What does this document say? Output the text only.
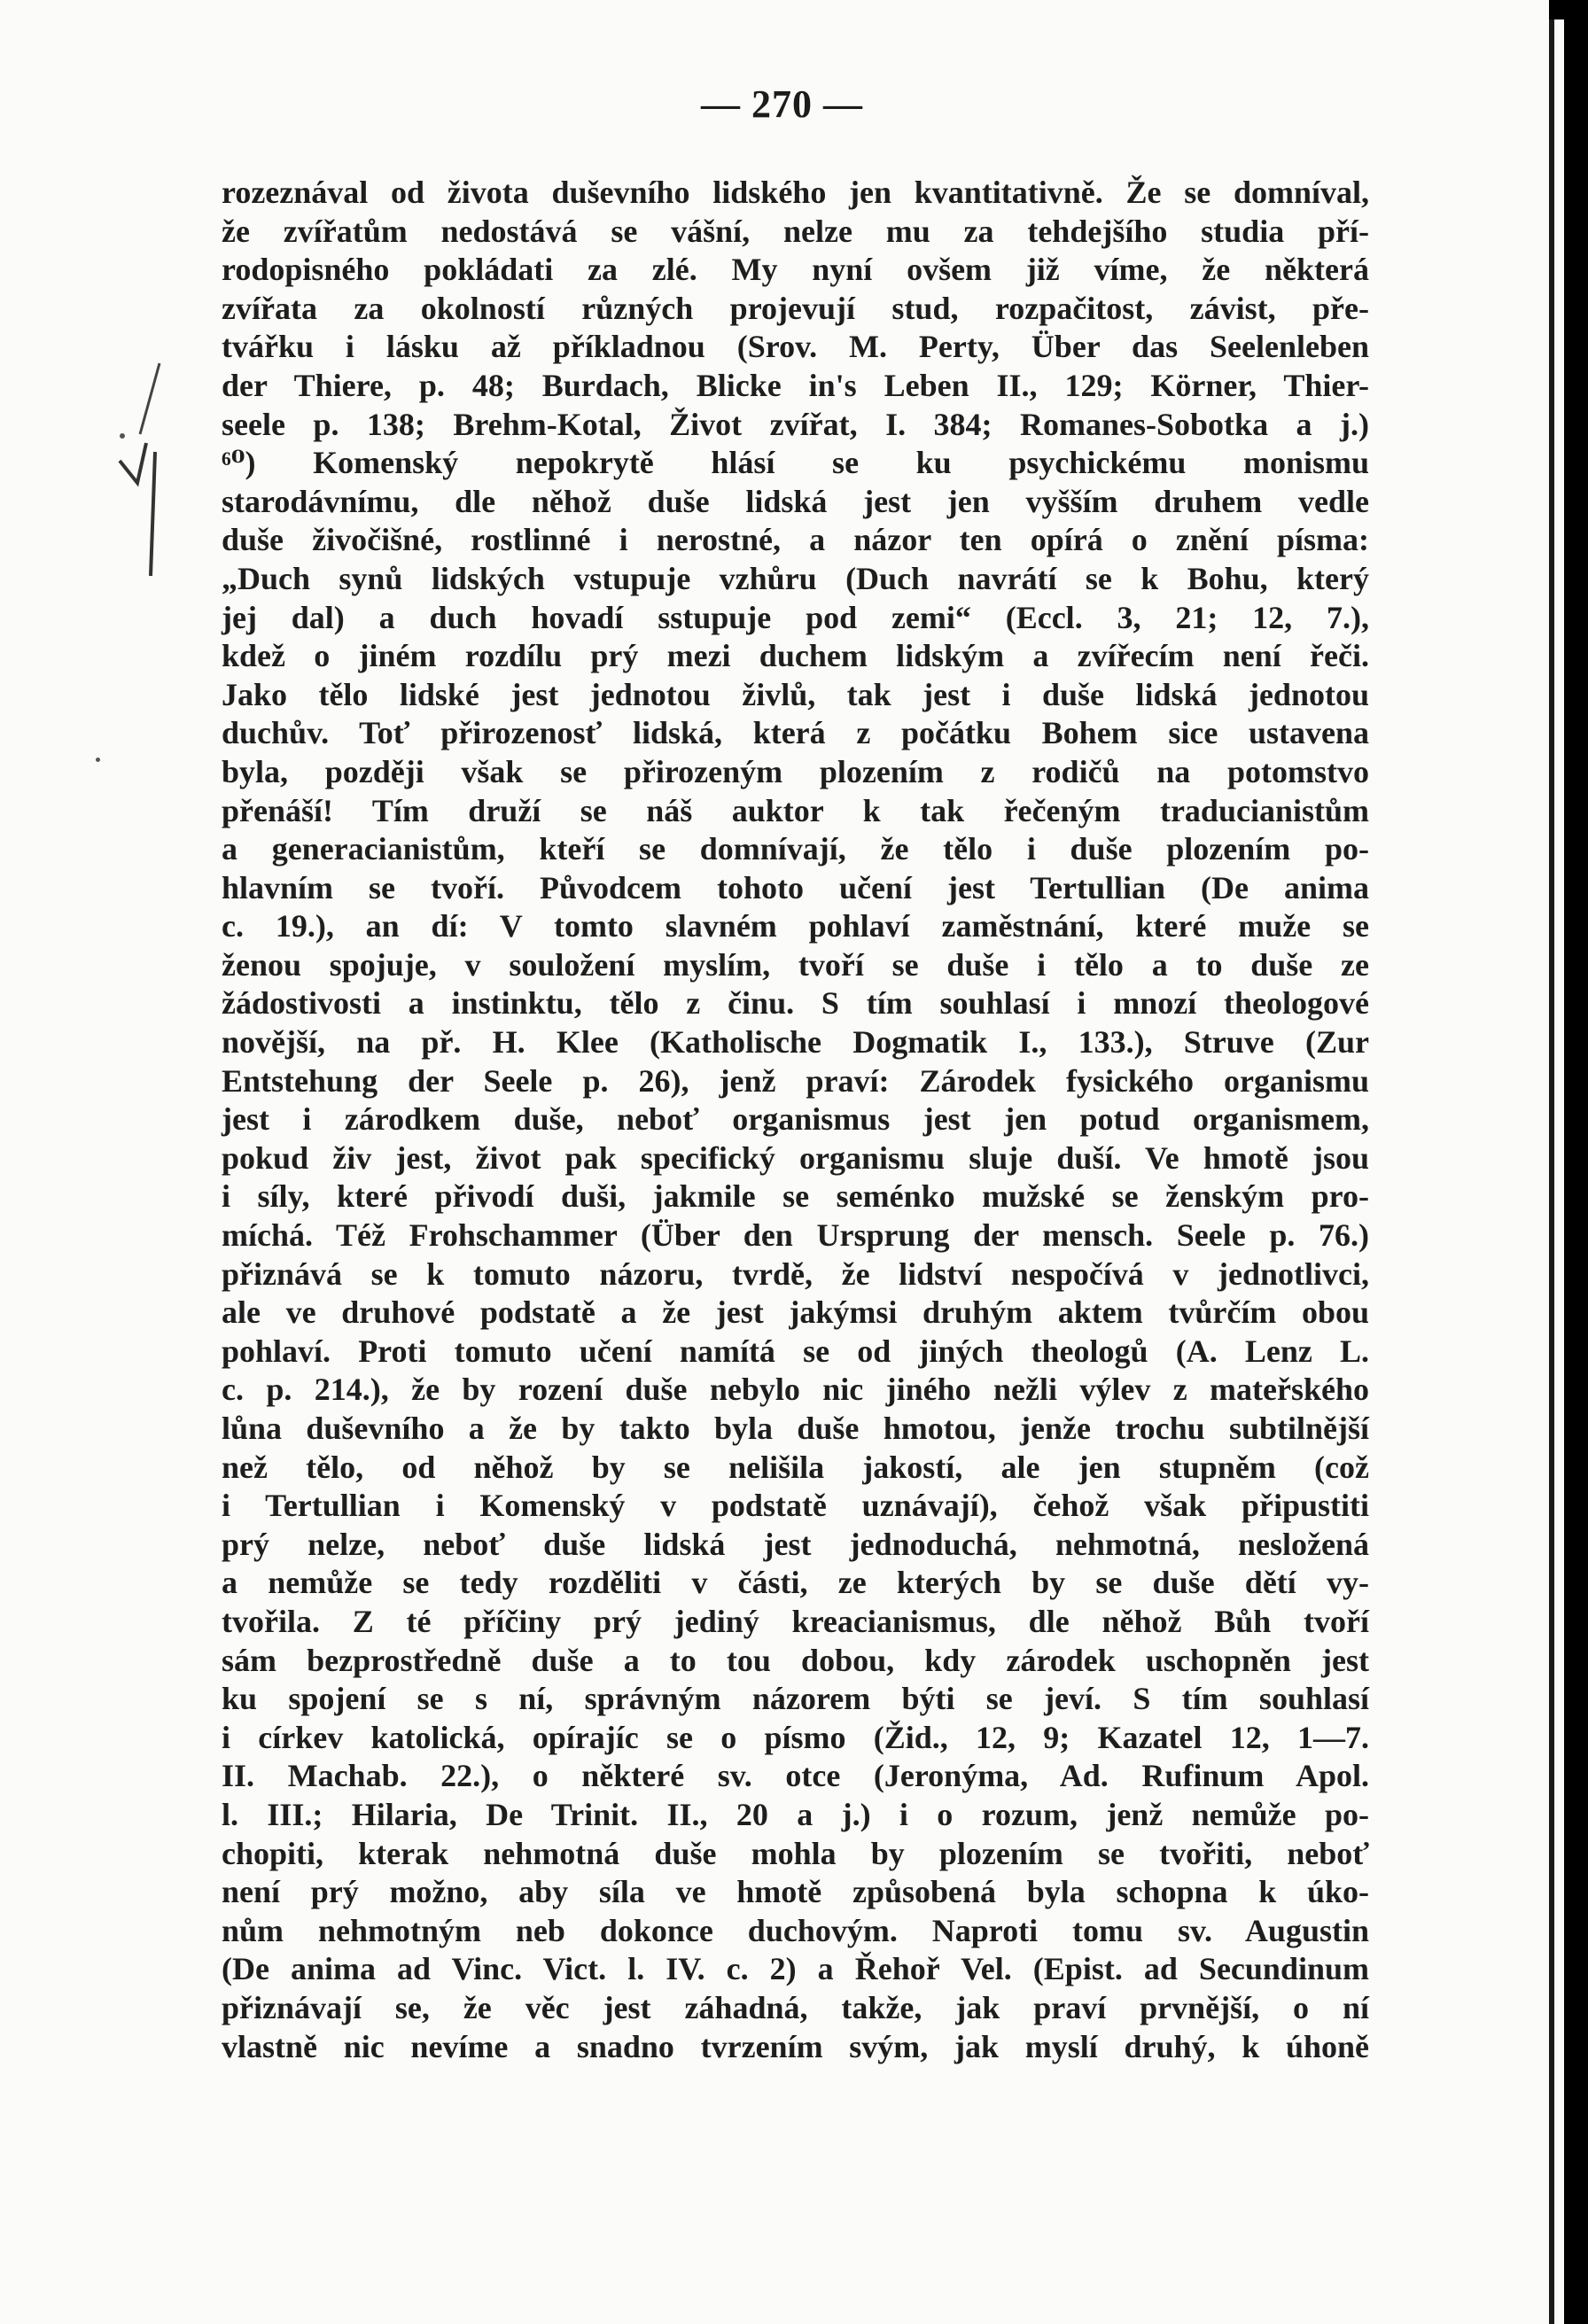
— 270 —
rozeznával od života duševního lidského jen kvantitativně. Že se domníval,
že zvířatům nedostává se vášní, nelze mu za tehdejšího studia pří-
rodopisného pokládati za zlé. My nyní ovšem již víme, že některá
zvířata za okolností různých projevují stud, rozpačitost, závist, pře-
tvářku i lásku až příkladnou (Srov. M. Perty, Über das Seelenleben
der Thiere, p. 48; Burdach, Blicke in's Leben II., 129; Körner, Thier-
seele p. 138; Brehm-Kotal, Život zvířat, I. 384; Romanes-Sobotka a j.)
⁶⁰) Komenský nepokrytě hlásí se ku psychickému monismu
starodávnímu, dle něhož duše lidská jest jen vyšším druhem vedle
duše živočišné, rostlinné i nerostné, a názor ten opírá o znění písma:
„Duch synů lidských vstupuje vzhůru (Duch navrátí se k Bohu, který
jej dal) a duch hovadí sstupuje pod zemi“ (Eccl. 3, 21; 12, 7.),
kdež o jiném rozdílu prý mezi duchem lidským a zvířecím není řeči.
Jako tělo lidské jest jednotou živlů, tak jest i duše lidská jednotou
duchův. Toť přirozenosť lidská, která z počátku Bohem sice ustavena
byla, později však se přirozeným plozením z rodičů na potomstvo
přenáší! Tím druží se náš auktor k tak řečeným traducianistům
a generacianistům, kteří se domnívají, že tělo i duše plozením po-
hlavním se tvoří. Původcem tohoto učení jest Tertullian (De anima
c. 19.), an dí: V tomto slavném pohlaví zaměstnání, které muže se
ženou spojuje, v souložení myslím, tvoří se duše i tělo a to duše ze
žádostivosti a instinktu, tělo z činu. S tím souhlasí i mnozí theologové
novější, na př. H. Klee (Katholische Dogmatik I., 133.), Struve (Zur
Entstehung der Seele p. 26), jenž praví: Zárodek fysického organismu
jest i zárodkem duše, neboť organismus jest jen potud organismem,
pokud živ jest, život pak specifický organismu sluje duší. Ve hmotě jsou
i síly, které přivodí duši, jakmile se seménko mužské se ženským pro-
míchá. Též Frohschammer (Über den Ursprung der mensch. Seele p. 76.)
přiznává se k tomuto názoru, tvrdě, že lidství nespočívá v jednotlivci,
ale ve druhové podstatě a že jest jakýmsi druhým aktem tvůrčím obou
pohlaví. Proti tomuto učení namítá se od jiných theologů (A. Lenz L.
c. p. 214.), že by rození duše nebylo nic jiného nežli výlev z mateřského
lůna duševního a že by takto byla duše hmotou, jenže trochu subtilnější
než tělo, od něhož by se nelišila jakostí, ale jen stupněm (což
i Tertullian i Komenský v podstatě uznávají), čehož však připustiti
prý nelze, neboť duše lidská jest jednoduchá, nehmotná, nesložená
a nemůže se tedy rozděliti v části, ze kterých by se duše dětí vy-
tvořila. Z té příčiny prý jediný kreacianismus, dle něhož Bůh tvoří
sám bezprostředně duše a to tou dobou, kdy zárodek uschopněn jest
ku spojení se s ní, správným názorem býti se jeví. S tím souhlasí
i církev katolická, opírajíc se o písmo (Žid., 12, 9; Kazatel 12, 1—7.
II. Machab. 22.), o některé sv. otce (Jeronýma, Ad. Rufinum Apol.
l. III.; Hilaria, De Trinit. II., 20 a j.) i o rozum, jenž nemůže po-
chopiti, kterak nehmotná duše mohla by plozením se tvořiti, neboť
není prý možno, aby síla ve hmotě způsobená byla schopna k úko-
nům nehmotným neb dokonce duchovým. Naproti tomu sv. Augustin
(De anima ad Vinc. Vict. l. IV. c. 2) a Řehoř Vel. (Epist. ad Secundinum
přiznávají se, že věc jest záhadná, takže, jak praví prvnější, o ní
vlastně nic nevíme a snadno tvrzením svým, jak myslí druhý, k úhoně
